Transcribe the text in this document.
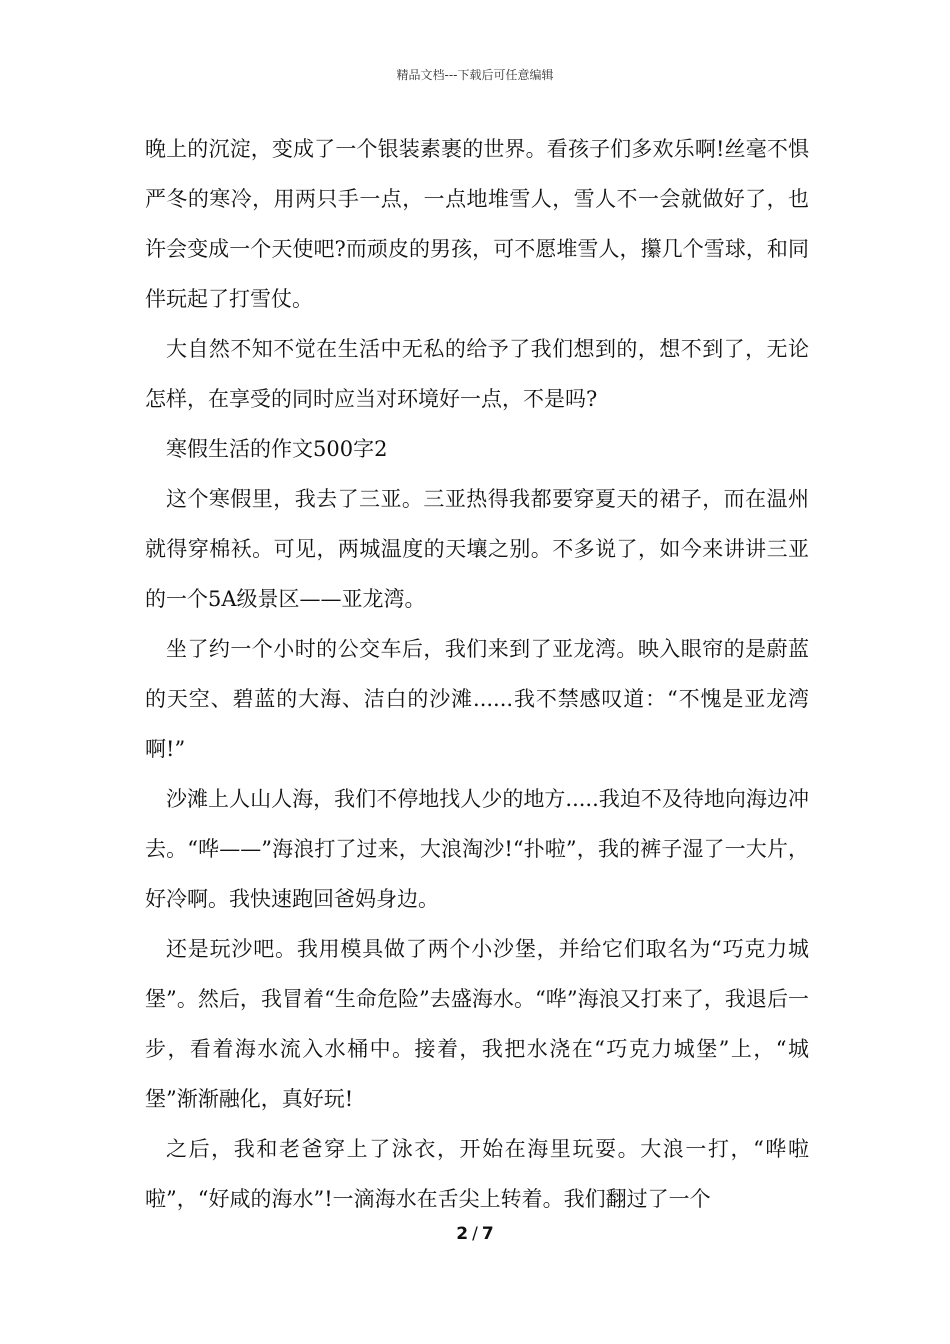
精品文档---下载后可任意编辑

晚上的沉淀，变成了一个银装素裹的世界。看孩子们多欢乐啊!丝毫不惧严冬的寒冷，用两只手一点，一点地堆雪人，雪人不一会就做好了，也许会变成一个天使吧?而顽皮的男孩，可不愿堆雪人，攥几个雪球，和同伴玩起了打雪仗。

大自然不知不觉在生活中无私的给予了我们想到的，想不到了，无论怎样，在享受的同时应当对环境好一点，不是吗?

寒假生活的作文500字2

这个寒假里，我去了三亚。三亚热得我都要穿夏天的裙子，而在温州就得穿棉袄。可见，两城温度的天壤之别。不多说了，如今来讲讲三亚的一个5A级景区——亚龙湾。

坐了约一个小时的公交车后，我们来到了亚龙湾。映入眼帘的是蔚蓝的天空、碧蓝的大海、洁白的沙滩......我不禁感叹道：“不愧是亚龙湾啊!”

沙滩上人山人海，我们不停地找人少的地方.....我迫不及待地向海边冲去。“哗——”海浪打了过来，大浪淘沙!“扑啦”，我的裤子湿了一大片，好冷啊。我快速跑回爸妈身边。

还是玩沙吧。我用模具做了两个小沙堡，并给它们取名为“巧克力城堡”。然后，我冒着“生命危险”去盛海水。“哗”海浪又打来了，我退后一步，看着海水流入水桶中。接着，我把水浇在“巧克力城堡”上，“城堡”渐渐融化，真好玩!

之后，我和老爸穿上了泳衣，开始在海里玩耍。大浪一打，“哗啦啦”，“好咸的海水”!一滴海水在舌尖上转着。我们翻过了一个

2 / 7
